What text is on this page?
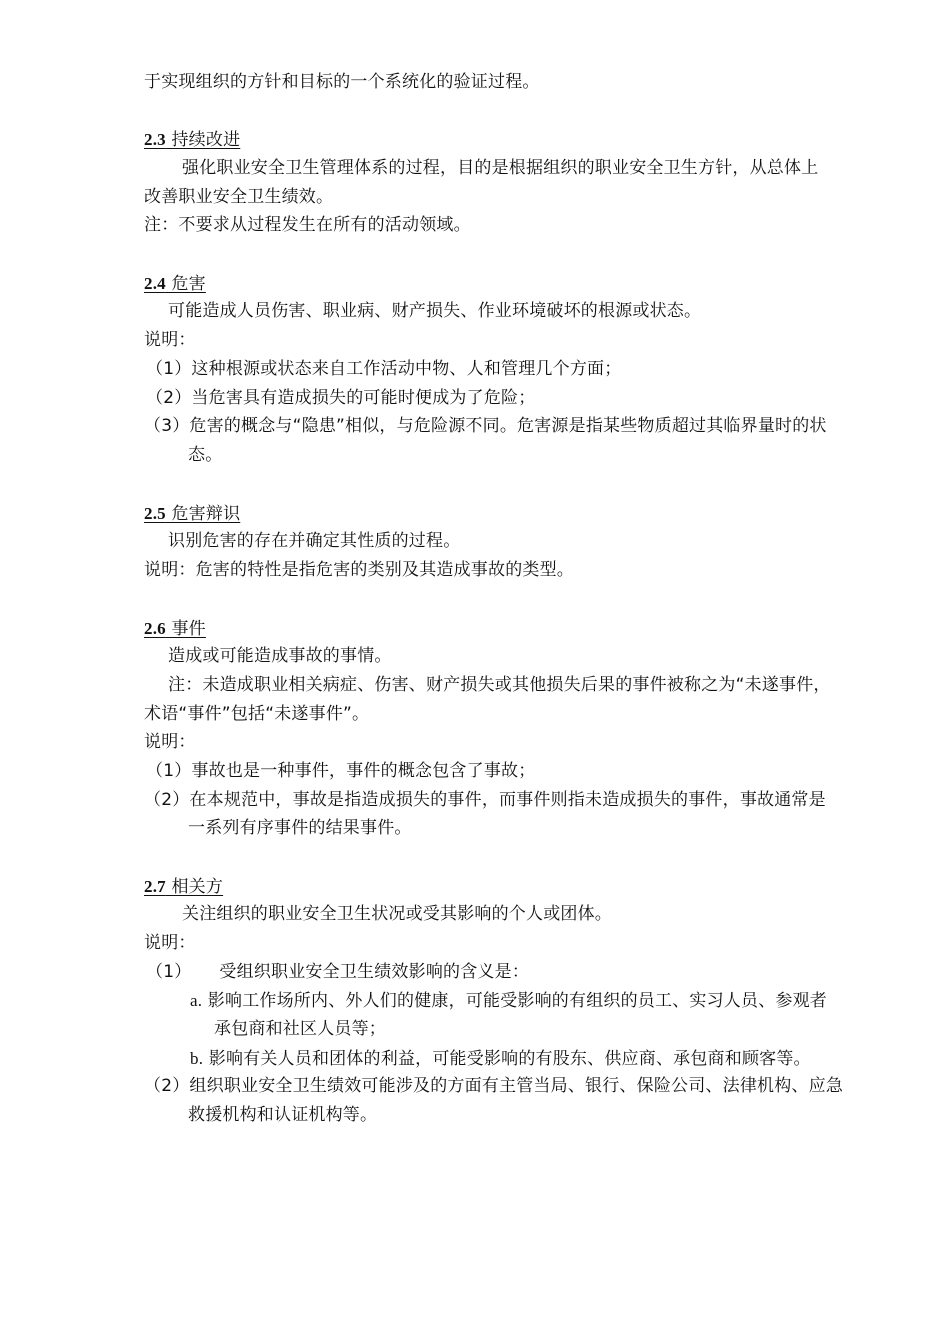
于实现组织的方针和目标的一个系统化的验证过程。
2.3 持续改进
强化职业安全卫生管理体系的过程，目的是根据组织的职业安全卫生方针，从总体上
改善职业安全卫生绩效。
注：不要求从过程发生在所有的活动领域。
2.4 危害
可能造成人员伤害、职业病、财产损失、作业环境破坏的根源或状态。
说明：
（1）这种根源或状态来自工作活动中物、人和管理几个方面；
（2）当危害具有造成损失的可能时便成为了危险；
（3）危害的概念与“隐患”相似，与危险源不同。危害源是指某些物质超过其临界量时的状
态。
2.5 危害辩识
识别危害的存在并确定其性质的过程。
说明：危害的特性是指危害的类别及其造成事故的类型。
2.6 事件
造成或可能造成事故的事情。
注：未造成职业相关病症、伤害、财产损失或其他损失后果的事件被称之为“未遂事件，
术语“事件”包括“未遂事件”。
说明：
（1）事故也是一种事件，事件的概念包含了事故；
（2）在本规范中，事故是指造成损失的事件，而事件则指未造成损失的事件，事故通常是
一系列有序事件的结果事件。
2.7 相关方
关注组织的职业安全卫生状况或受其影响的个人或团体。
说明：
（1）     受组织职业安全卫生绩效影响的含义是：
a. 影响工作场所内、外人们的健康，可能受影响的有组织的员工、实习人员、参观者
承包商和社区人员等；
b. 影响有关人员和团体的利益，可能受影响的有股东、供应商、承包商和顾客等。
（2）组织职业安全卫生绩效可能涉及的方面有主管当局、银行、保险公司、法律机构、应急
救援机构和认证机构等。
